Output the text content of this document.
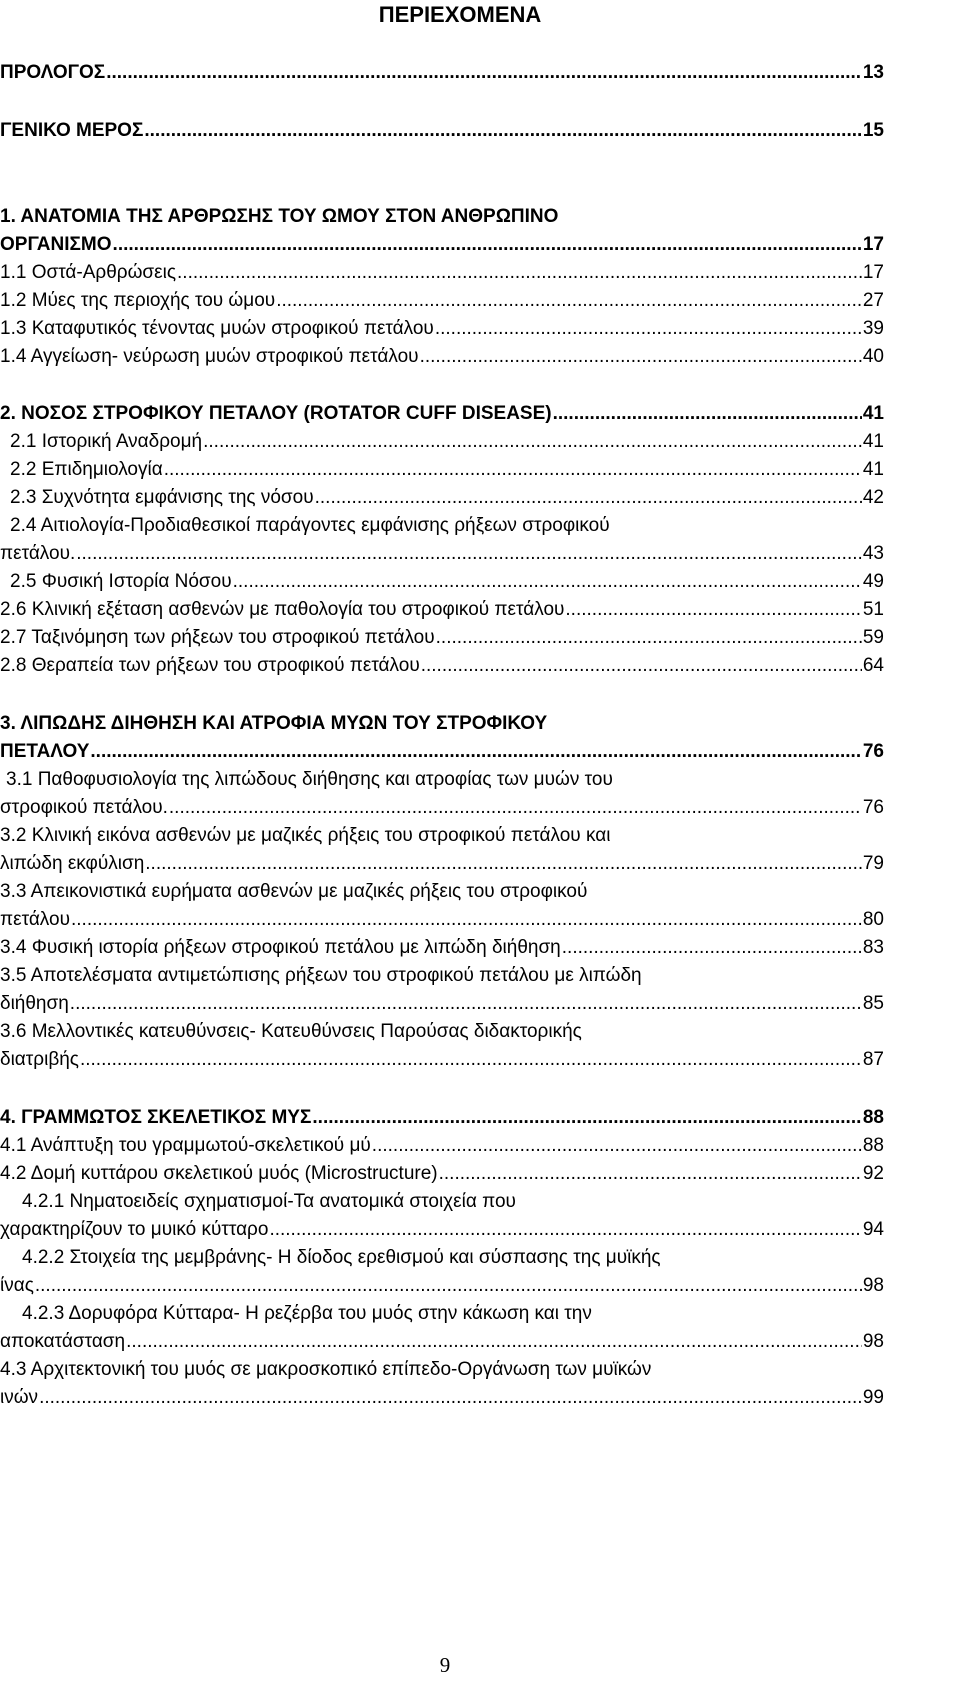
ΠΕΡΙΕΧΟΜΕΝΑ
ΠΡΟΛΟΓΟΣ .....	13
ΓΕΝΙΚΟ ΜΕΡΟΣ .....	15
1. ΑΝΑΤΟΜΙΑ ΤΗΣ ΑΡΘΡΩΣΗΣ ΤΟΥ ΩΜΟΥ ΣΤΟΝ ΑΝΘΡΩΠΙΝΟ
ΟΡΓΑΝΙΣΜΟ .....	17
1.1 Οστά-Αρθρώσεις .....	17
1.2 Μύες της περιοχής του ώμου .....	27
1.3 Καταφυτικός τένοντας μυών στροφικού πετάλου .....	39
1.4 Αγγείωση- νεύρωση μυών στροφικού πετάλου .....	40
2. ΝΟΣΟΣ ΣΤΡΟΦΙΚΟΥ ΠΕΤΑΛΟΥ (ROTATOR CUFF DISEASE) .....	41
2.1 Ιστορική Αναδρομή .....	41
2.2 Επιδημιολογία .....	41
2.3 Συχνότητα εμφάνισης της νόσου .....	42
2.4 Αιτιολογία-Προδιαθεσικοί παράγοντες εμφάνισης ρήξεων στροφικού
πετάλου. .....	43
2.5 Φυσική Ιστορία Νόσου .....	49
2.6 Κλινική εξέταση ασθενών με παθολογία του στροφικού πετάλου .....	51
2.7 Ταξινόμηση των ρήξεων του στροφικού πετάλου .....	59
2.8 Θεραπεία των ρήξεων του στροφικού πετάλου .....	64
3. ΛΙΠΩΔΗΣ ΔΙΗΘΗΣΗ ΚΑΙ ΑΤΡΟΦΙΑ ΜΥΩΝ ΤΟΥ ΣΤΡΟΦΙΚΟΥ
ΠΕΤΑΛΟΥ .....	76
3.1 Παθοφυσιολογία της λιπώδους διήθησης και ατροφίας των μυών του
στροφικού πετάλου. .....	76
3.2 Κλινική εικόνα ασθενών με μαζικές ρήξεις του στροφικού πετάλου και
λιπώδη εκφύλιση .....	79
3.3 Απεικονιστικά ευρήματα ασθενών με μαζικές ρήξεις του στροφικού
πετάλου .....	80
3.4 Φυσική ιστορία ρήξεων στροφικού πετάλου με λιπώδη διήθηση .....	83
3.5 Αποτελέσματα αντιμετώπισης ρήξεων του στροφικού πετάλου με λιπώδη
διήθηση .....	85
3.6 Μελλοντικές κατευθύνσεις- Κατευθύνσεις Παρούσας διδακτορικής
διατριβής .....	87
4. ΓΡΑΜΜΩΤΟΣ ΣΚΕΛΕΤΙΚΟΣ ΜΥΣ .....	88
4.1 Ανάπτυξη του γραμμωτού-σκελετικού μύ .....	88
4.2 Δομή κυττάρου σκελετικού μυός (Microstructure) .....	92
4.2.1 Νηματοειδείς σχηματισμοί-Τα ανατομικά στοιχεία που
χαρακτηρίζουν το μυικό κύτταρο .....	94
4.2.2 Στοιχεία της μεμβράνης- Η δίοδος ερεθισμού και σύσπασης της μυϊκής
ίνας .....	98
4.2.3 Δορυφόρα Κύτταρα- Η ρεζέρβα του μυός στην κάκωση και την
αποκατάσταση .....	98
4.3 Αρχιτεκτονική του μυός σε μακροσκοπικό επίπεδο-Οργάνωση των μυϊκών
ινών .....	99
9
